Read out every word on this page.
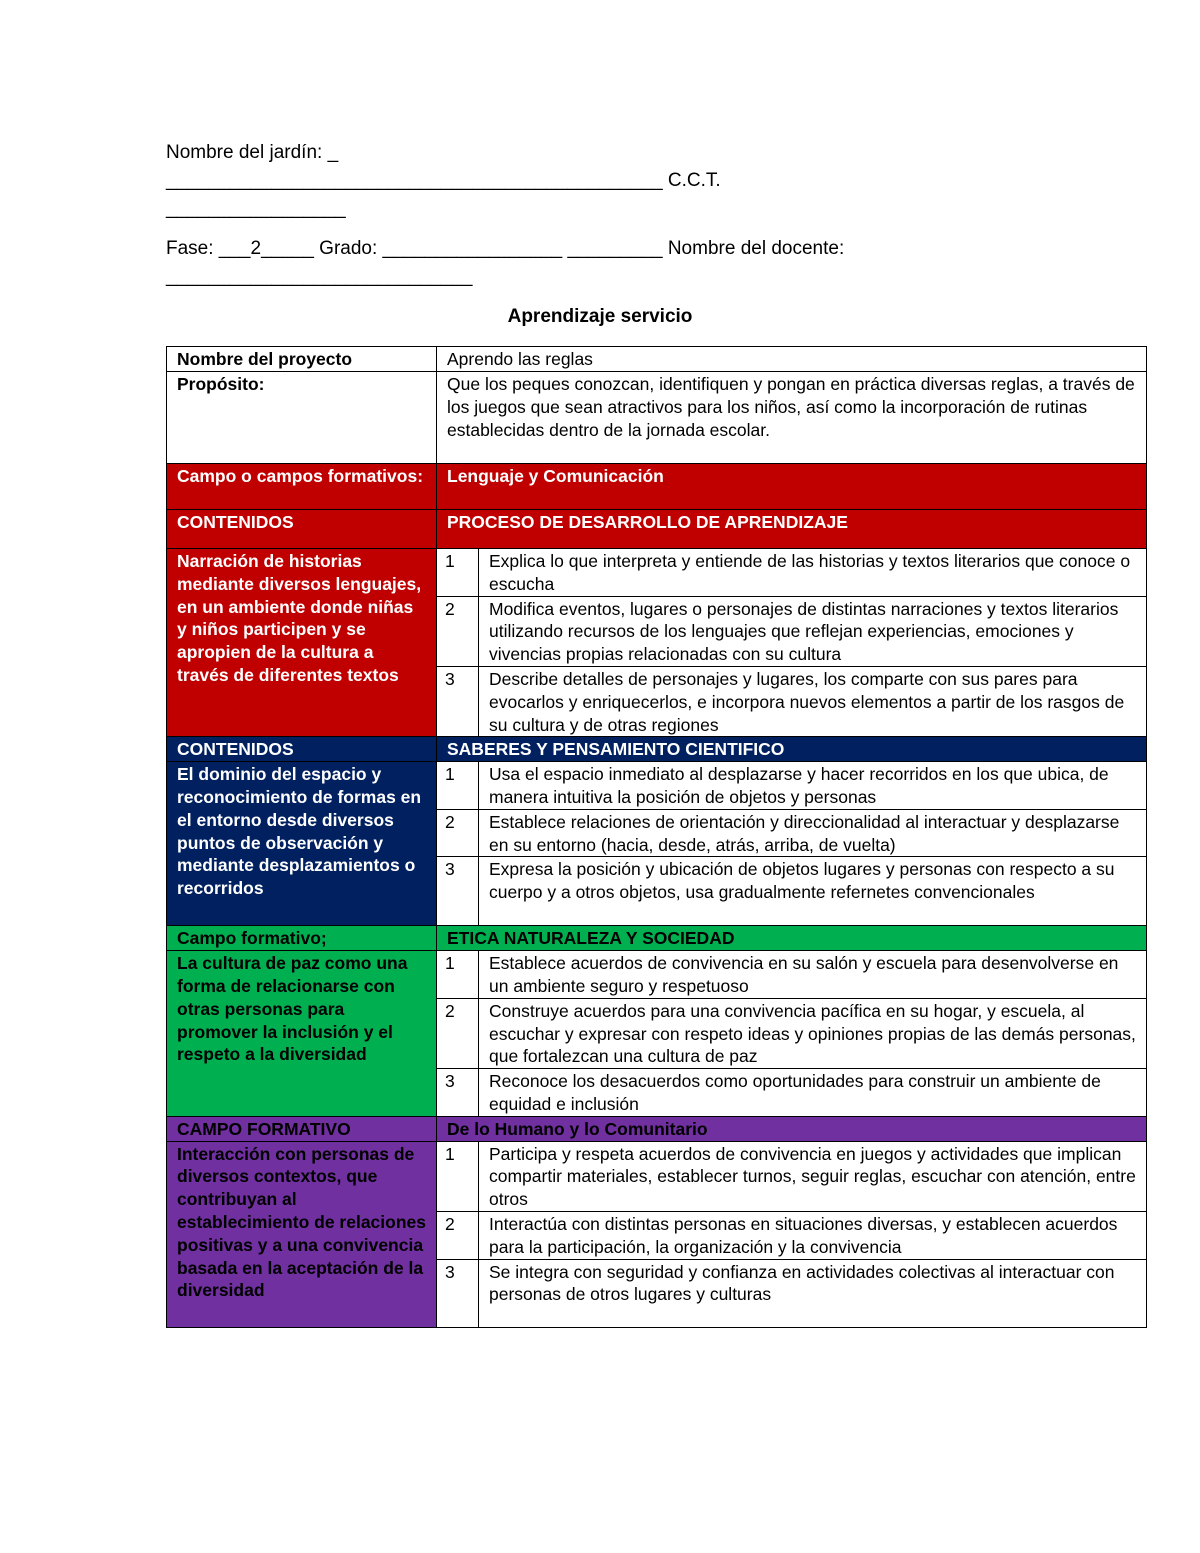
Nombre del jardín: _
_______________________________________________ C.C.T.
_________________
Fase: ___2_____ Grado: _________________ _________ Nombre del docente:
_____________________________
Aprendizaje servicio
Nombre del proyecto	Aprendo las reglas	
Propósito:	Que los peques conozcan, identifiquen y pongan en práctica diversas reglas, a través de los juegos que sean atractivos para los niños, así como la incorporación de rutinas establecidas dentro de la jornada escolar.	
Campo o campos formativos:	Lenguaje y Comunicación	
CONTENIDOS	PROCESO DE DESARROLLO DE APRENDIZAJE	
Narración de historias mediante diversos lenguajes, en un ambiente donde niñas y niños participen y se apropien de la cultura a través de diferentes textos	1	Explica lo que interpreta y entiende de las historias y textos literarios que conoce o escucha
	2	Modifica eventos, lugares o personajes de distintas narraciones y textos literarios utilizando recursos de los lenguajes que reflejan experiencias, emociones y vivencias propias relacionadas con su cultura
	3	Describe detalles de personajes y lugares, los comparte con sus pares para evocarlos y enriquecerlos, e incorpora nuevos elementos a partir de los rasgos de su cultura y de otras regiones
CONTENIDOS	SABERES Y PENSAMIENTO CIENTIFICO	
El dominio del espacio y reconocimiento de formas en el entorno desde diversos puntos de observación y mediante desplazamientos o recorridos	1	Usa el espacio inmediato al desplazarse y hacer recorridos en los que ubica, de manera intuitiva la posición de objetos y personas
	2	Establece relaciones de orientación y direccionalidad al interactuar y desplazarse en su entorno (hacia, desde, atrás, arriba, de vuelta)
	3	Expresa la posición y ubicación de objetos lugares y personas con respecto a su cuerpo y a otros objetos, usa gradualmente refernetes convencionales
Campo formativo;	ETICA NATURALEZA Y SOCIEDAD	
La cultura de paz como una forma de relacionarse con otras personas para promover la inclusión y el respeto a la diversidad	1	Establece acuerdos de convivencia en su salón y escuela para desenvolverse en un ambiente seguro y respetuoso
	2	Construye acuerdos para una convivencia pacífica en su hogar, y escuela, al escuchar y expresar con respeto ideas y opiniones propias de las demás personas, que fortalezcan una cultura de paz
	3	Reconoce los desacuerdos como oportunidades para construir un ambiente de equidad e inclusión
CAMPO FORMATIVO	De lo Humano y lo Comunitario	
Interacción con personas de diversos contextos, que contribuyan al establecimiento de relaciones positivas y a una convivencia basada en la aceptación de la diversidad	1	Participa y respeta acuerdos de convivencia en juegos y actividades que implican compartir materiales, establecer turnos, seguir reglas, escuchar con atención, entre otros
	2	Interactúa con distintas personas en situaciones diversas, y establecen acuerdos para la participación, la organización y la convivencia
	3	Se integra con seguridad y confianza en actividades colectivas al interactuar con personas de otros lugares y culturas
